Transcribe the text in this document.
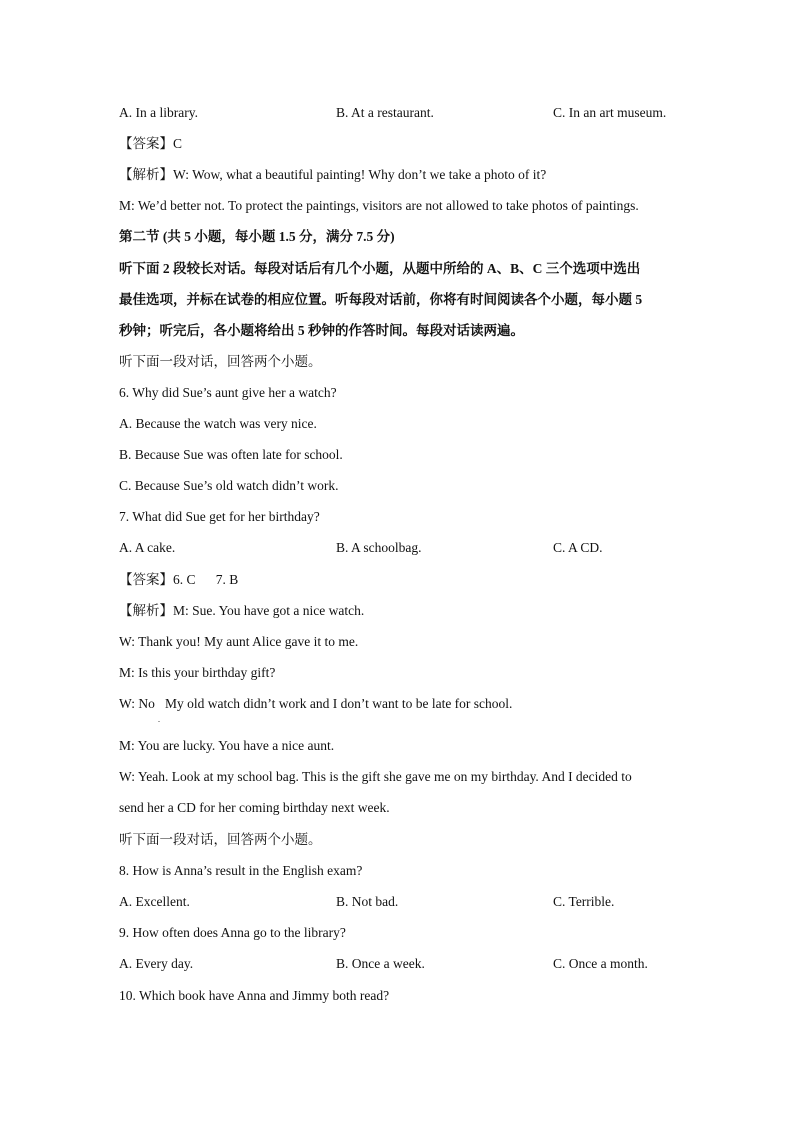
A. In a library.	B. At a restaurant.	C. In an art museum.
【答案】C
【解析】W: Wow, what a beautiful painting! Why don’t we take a photo of it?
M: We’d better not. To protect the paintings, visitors are not allowed to take photos of paintings.
第二节 (共 5 小题，每小题 1.5 分，满分 7.5 分)
听下面 2 段较长对话。每段对话后有几个小题，从题中所给的 A、B、C 三个选项中选出
最佳选项，并标在试卷的相应位置。听每段对话前，你将有时间阅读各个小题，每小题 5
秒钟；听完后，各小题将给出 5 秒钟的作答时间。每段对话读两遍。
听下面一段对话，回答两个小题。
6. Why did Sue’s aunt give her a watch?
A. Because the watch was very nice.
B. Because Sue was often late for school.
C. Because Sue’s old watch didn’t work.
7. What did Sue get for her birthday?
A. A cake.	B. A schoolbag.	C. A CD.
【答案】6. C      7. B
【解析】M: Sue. You have got a nice watch.
W: Thank you! My aunt Alice gave it to me.
M: Is this your birthday gift?
W: No   My old watch didn’t work and I don’t want to be late for school.
.
M: You are lucky. You have a nice aunt.
W: Yeah. Look at my school bag. This is the gift she gave me on my birthday. And I decided to
send her a CD for her coming birthday next week.
听下面一段对话，回答两个小题。
8. How is Anna’s result in the English exam?
A. Excellent.	B. Not bad.	C. Terrible.
9. How often does Anna go to the library?
A. Every day.	B. Once a week.	C. Once a month.
10. Which book have Anna and Jimmy both read?
